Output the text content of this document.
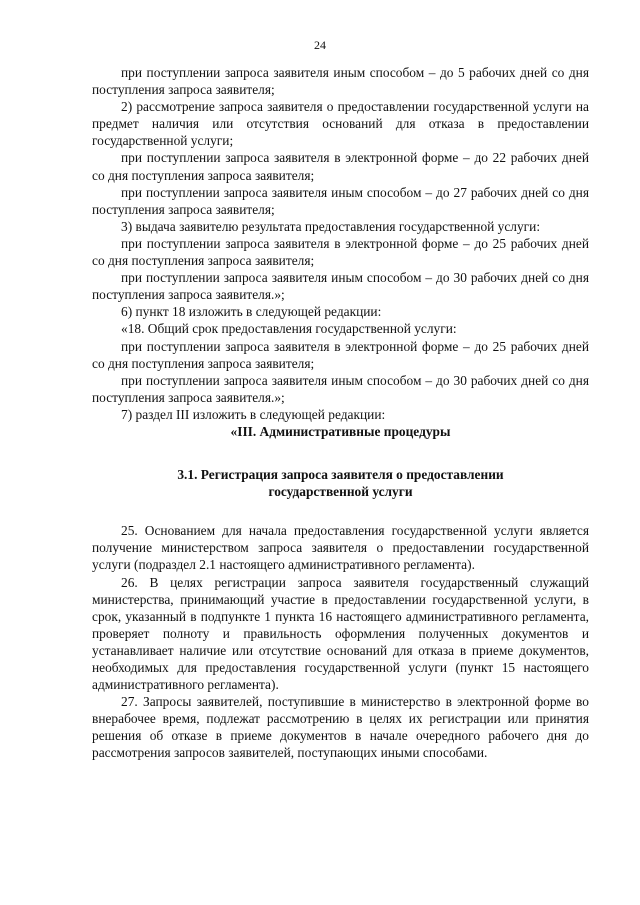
24

при поступлении запроса заявителя иным способом – до 5 рабочих дней со дня поступления запроса заявителя;

2) рассмотрение запроса заявителя о предоставлении государственной услуги на предмет наличия или отсутствия оснований для отказа в предоставлении государственной услуги;

при поступлении запроса заявителя в электронной форме – до 22 рабочих дней со дня поступления запроса заявителя;

при поступлении запроса заявителя иным способом – до 27 рабочих дней со дня поступления запроса заявителя;

3) выдача заявителю результата предоставления государственной услуги:

при поступлении запроса заявителя в электронной форме – до 25 рабочих дней со дня поступления запроса заявителя;

при поступлении запроса заявителя иным способом – до 30 рабочих дней со дня поступления запроса заявителя.»;

6) пункт 18 изложить в следующей редакции:

«18. Общий срок предоставления государственной услуги:

при поступлении запроса заявителя в электронной форме – до 25 рабочих дней со дня поступления запроса заявителя;

при поступлении запроса заявителя иным способом – до 30 рабочих дней со дня поступления запроса заявителя.»;

7) раздел III изложить в следующей редакции:

«III. Административные процедуры

3.1. Регистрация запроса заявителя о предоставлении

государственной услуги

25. Основанием для начала предоставления государственной услуги является получение министерством запроса заявителя о предоставлении государственной услуги (подраздел 2.1 настоящего административного регламента).

26. В целях регистрации запроса заявителя государственный служащий министерства, принимающий участие в предоставлении государственной услуги, в срок, указанный в подпункте 1 пункта 16 настоящего административного регламента, проверяет полноту и правильность оформления полученных документов и устанавливает наличие или отсутствие оснований для отказа в приеме документов, необходимых для предоставления государственной услуги (пункт 15 настоящего административного регламента).

27. Запросы заявителей, поступившие в министерство в электронной форме во внерабочее время, подлежат рассмотрению в целях их регистрации или принятия решения об отказе в приеме документов в начале очередного рабочего дня до рассмотрения запросов заявителей, поступающих иными способами.
